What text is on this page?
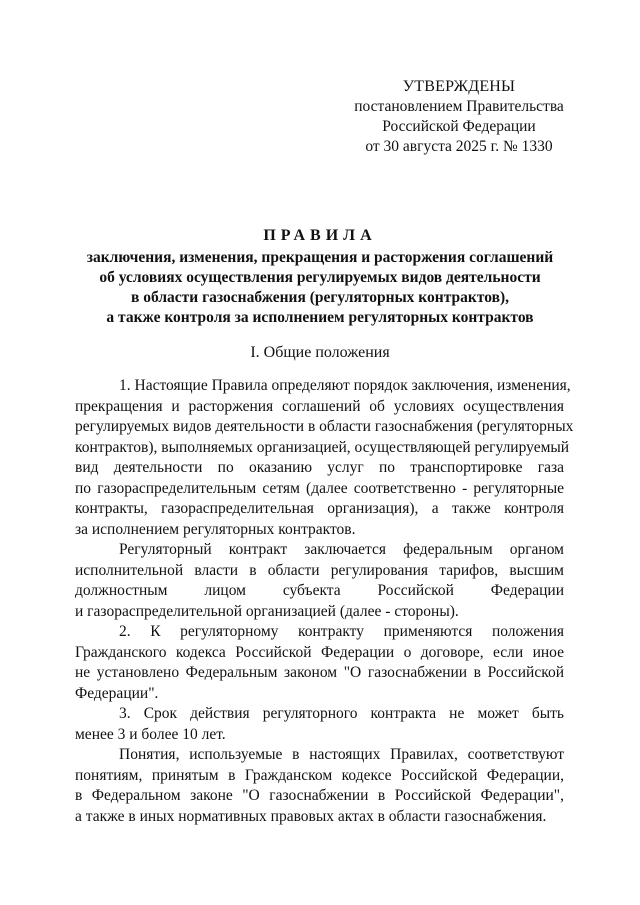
УТВЕРЖДЕНЫ
постановлением Правительства
Российской Федерации
от 30 августа 2025 г. № 1330
ПРАВИЛА
заключения, изменения, прекращения и расторжения соглашений
об условиях осуществления регулируемых видов деятельности
в области газоснабжения (регуляторных контрактов),
а также контроля за исполнением регуляторных контрактов
I. Общие положения
1. Настоящие Правила определяют порядок заключения, изменения,
прекращения и расторжения соглашений об условиях осуществления
регулируемых видов деятельности в области газоснабжения (регуляторных
контрактов), выполняемых организацией, осуществляющей регулируемый
вид деятельности по оказанию услуг по транспортировке газа
по газораспределительным сетям (далее соответственно - регуляторные
контракты, газораспределительная организация), а также контроля
за исполнением регуляторных контрактов.
Регуляторный контракт заключается федеральным органом
исполнительной власти в области регулирования тарифов, высшим
должностным лицом субъекта Российской Федерации
и газораспределительной организацией (далее - стороны).
2. К регуляторному контракту применяются положения
Гражданского кодекса Российской Федерации о договоре, если иное
не установлено Федеральным законом "О газоснабжении в Российской
Федерации".
3. Срок действия регуляторного контракта не может быть
менее 3 и более 10 лет.
Понятия, используемые в настоящих Правилах, соответствуют
понятиям, принятым в Гражданском кодексе Российской Федерации,
в Федеральном законе "О газоснабжении в Российской Федерации",
а также в иных нормативных правовых актах в области газоснабжения.
